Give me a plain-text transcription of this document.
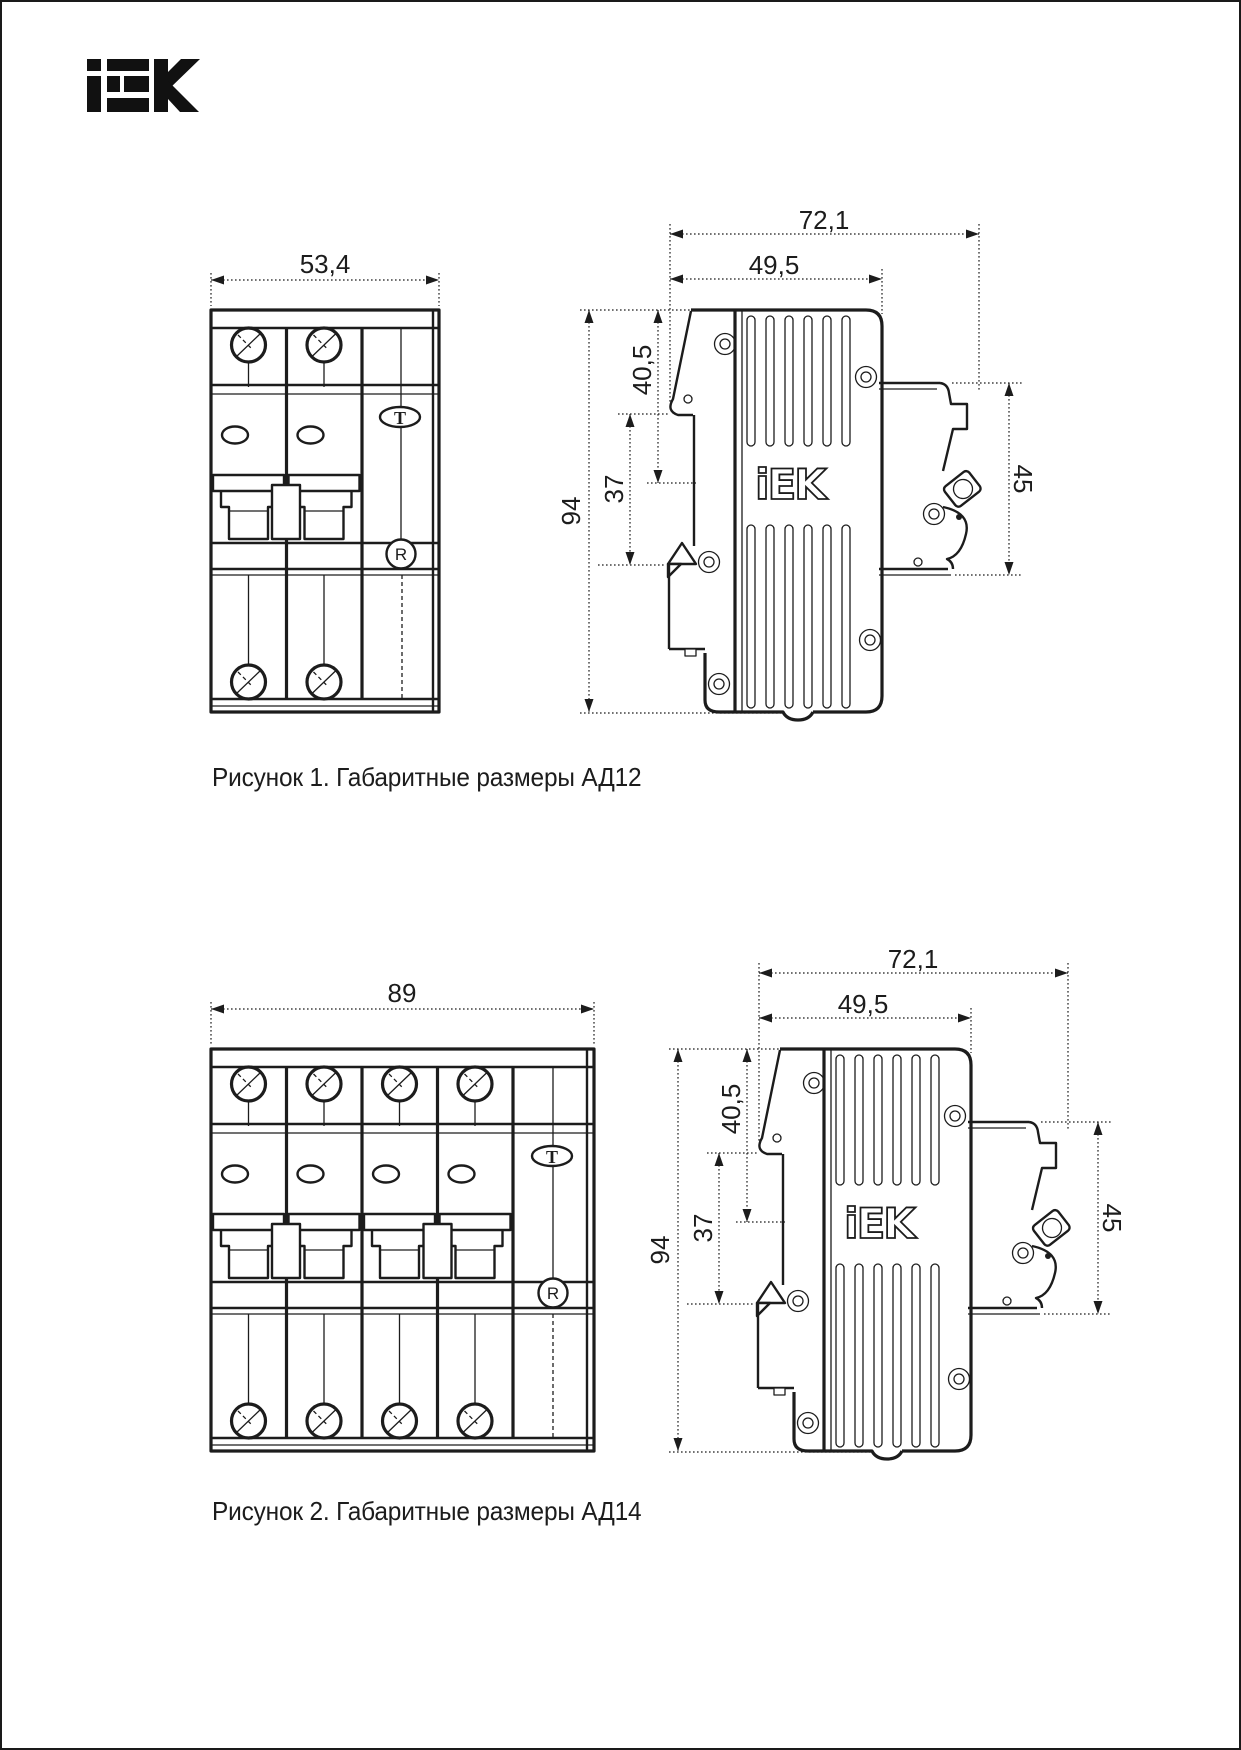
T
R
53,4
iEK
72,1
49,5
94
40,5
37	45
Рисунок 1. Габаритные размеры АД12
T
R
89
iEK
72,1
49,5
94
40,5
37	45
Рисунок 2. Габаритные размеры АД14
